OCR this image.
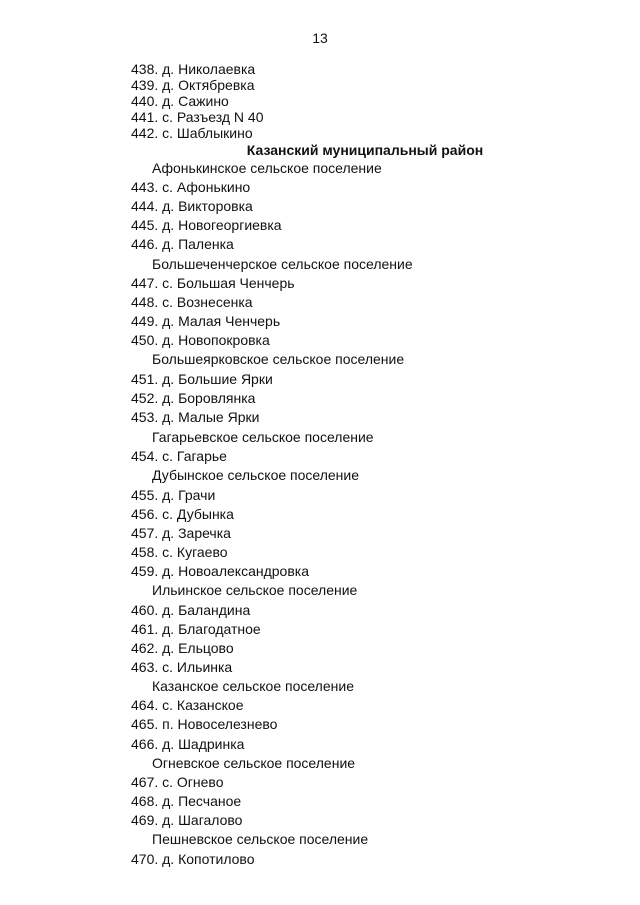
13
438. д. Николаевка
439. д. Октябревка
440. д. Сажино
441. с. Разъезд N 40
442. с. Шаблыкино
Казанский муниципальный район
Афонькинское сельское поселение
443. с. Афонькино
444. д. Викторовка
445. д. Новогеоргиевка
446. д. Паленка
Большеченчерское сельское поселение
447. с. Большая Ченчерь
448. с. Вознесенка
449. д. Малая Ченчерь
450. д. Новопокровка
Большеярковское сельское поселение
451. д. Большие Ярки
452. д. Боровлянка
453. д. Малые Ярки
Гагарьевское сельское поселение
454. с. Гагарье
Дубынское сельское поселение
455. д. Грачи
456. с. Дубынка
457. д. Заречка
458. с. Кугаево
459. д. Новоалександровка
Ильинское сельское поселение
460. д. Баландина
461. д. Благодатное
462. д. Ельцово
463. с. Ильинка
Казанское сельское поселение
464. с. Казанское
465. п. Новоселезнево
466. д. Шадринка
Огневское сельское поселение
467. с. Огнево
468. д. Песчаное
469. д. Шагалово
Пешневское сельское поселение
470. д. Копотилово
